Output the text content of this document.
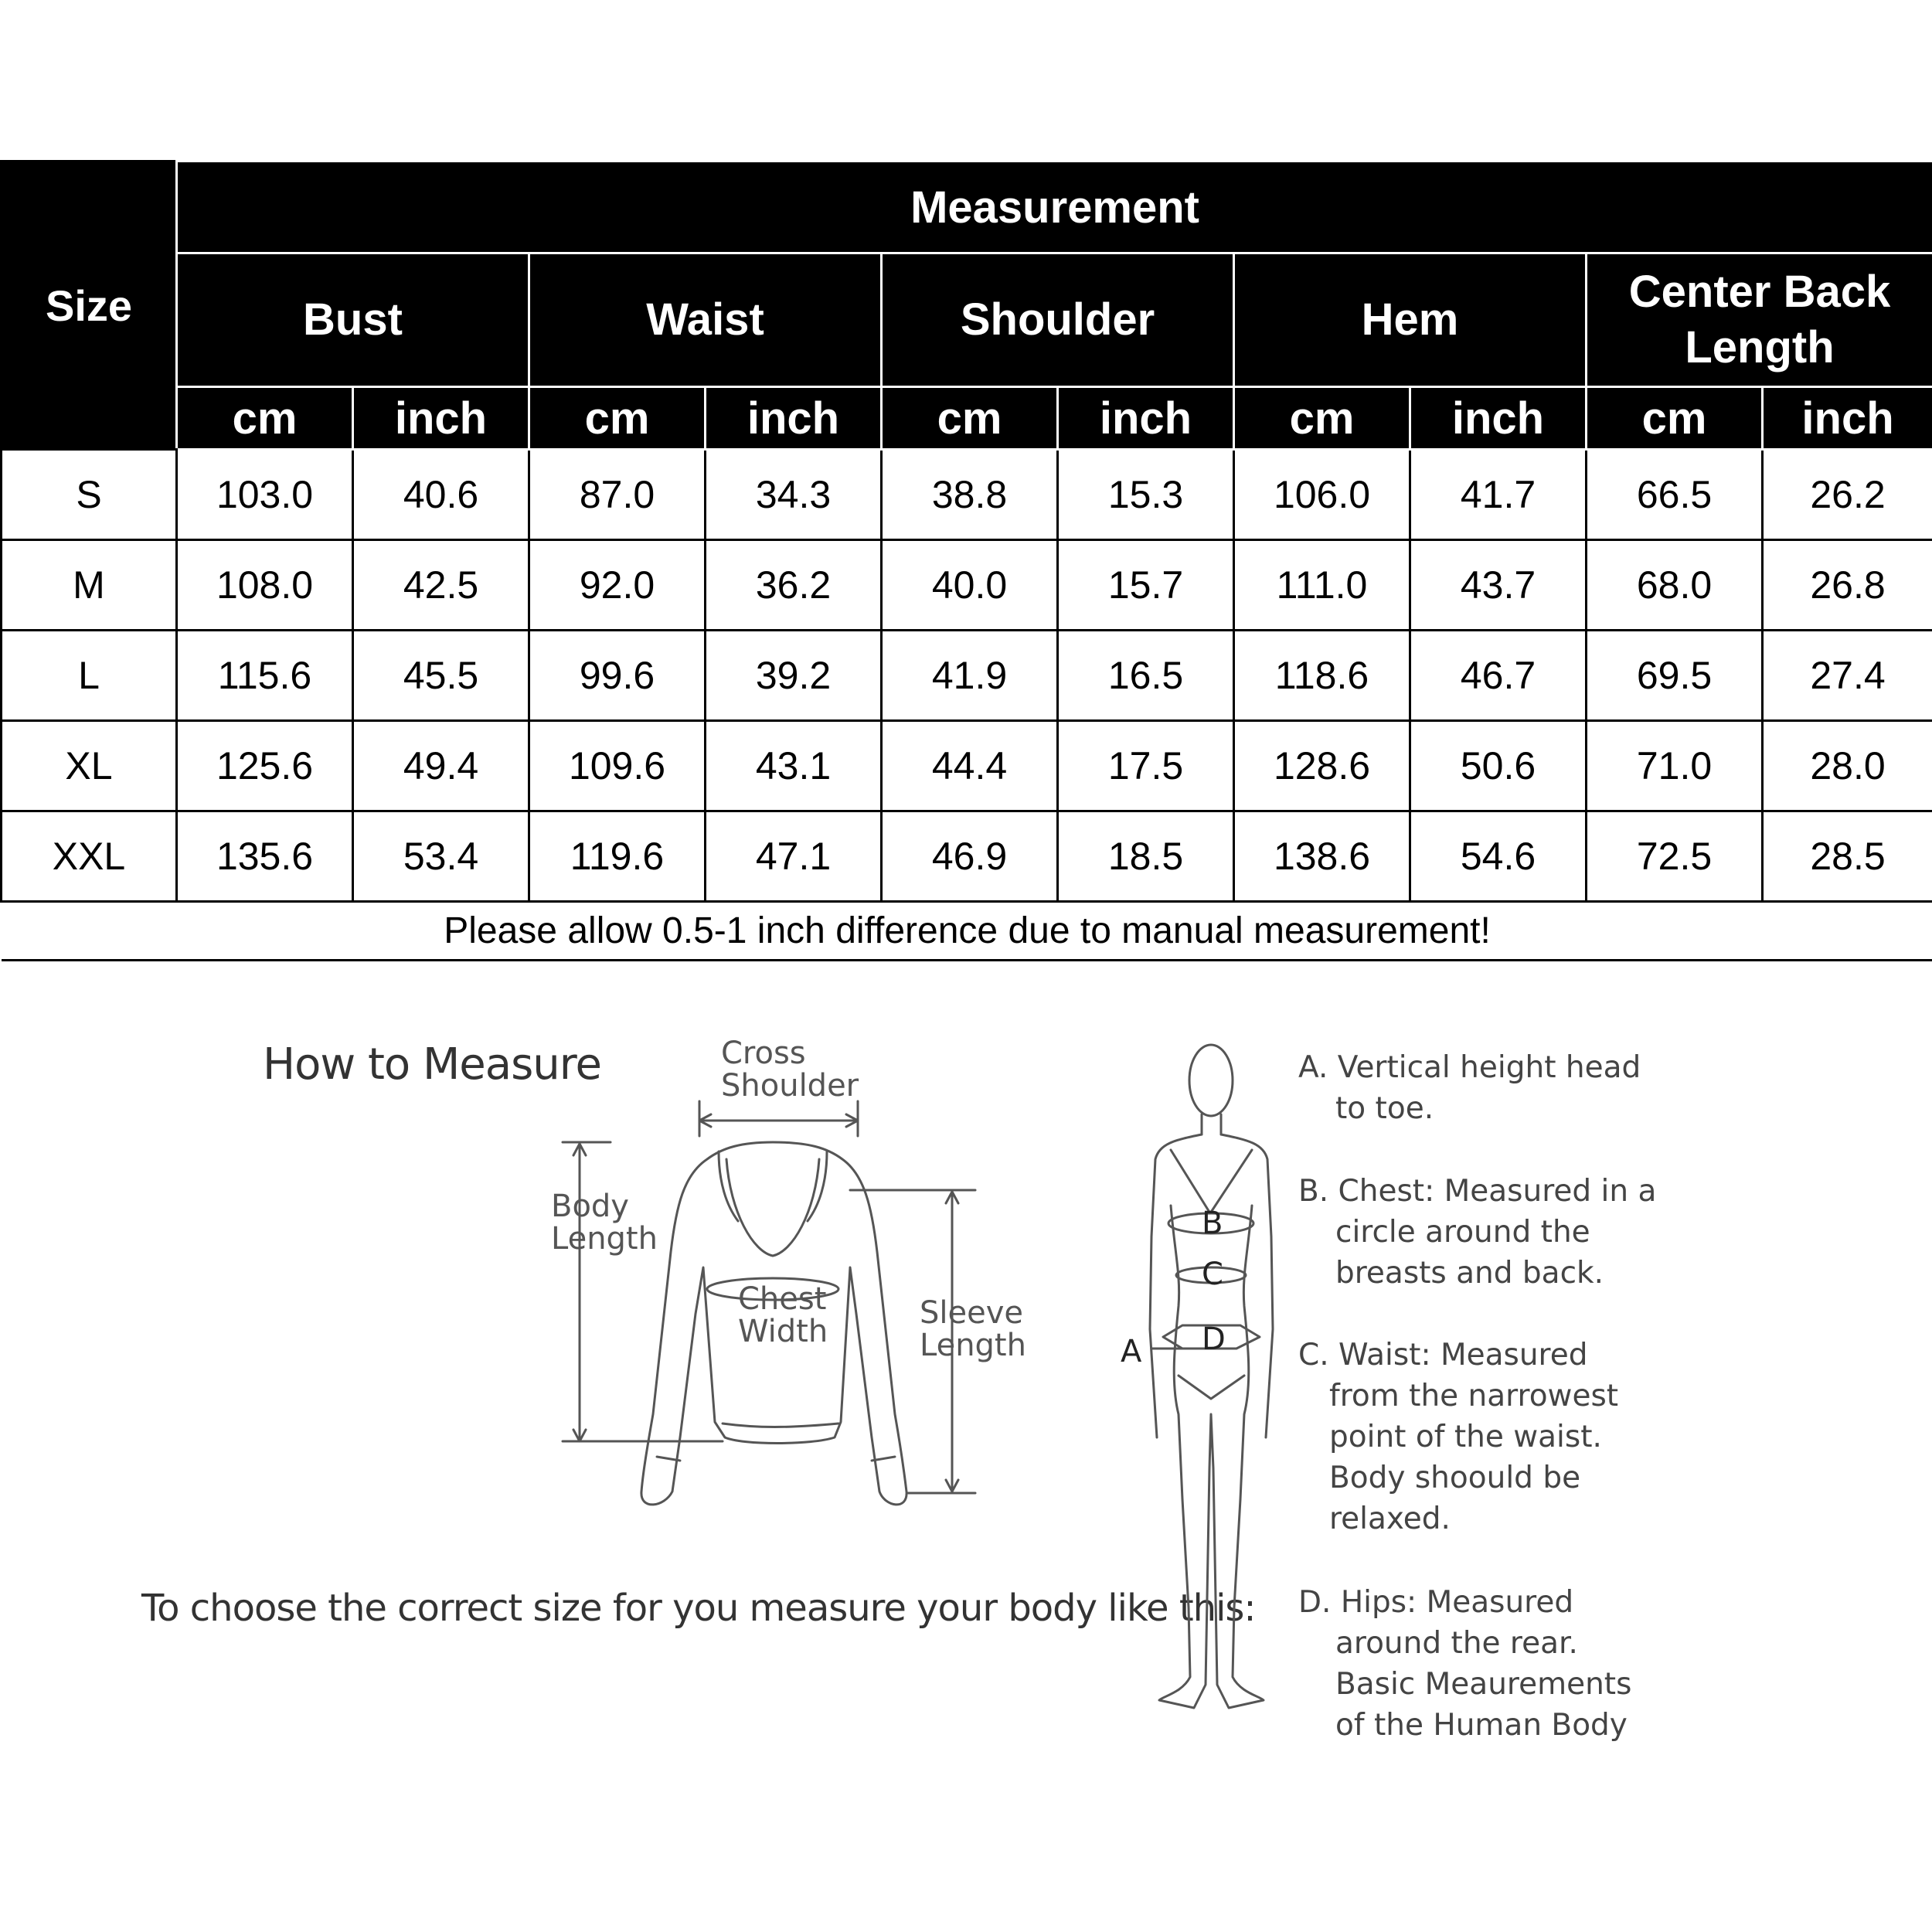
Size	Measurement									
	Bust		Waist		Shoulder		Hem		Center Back Length	
	cm	inch	cm	inch	cm	inch	cm	inch	cm	inch
S	103.0	40.6	87.0	34.3	38.8	15.3	106.0	41.7	66.5	26.2
M	108.0	42.5	92.0	36.2	40.0	15.7	111.0	43.7	68.0	26.8
L	115.6	45.5	99.6	39.2	41.9	16.5	118.6	46.7	69.5	27.4
XL	125.6	49.4	109.6	43.1	44.4	17.5	128.6	50.6	71.0	28.0
XXL	135.6	53.4	119.6	47.1	46.9	18.5	138.6	54.6	72.5	28.5
Please allow 0.5-1 inch difference due to manual measurement!										
How to Measure
To choose the correct size for you measure your body like this:
Cross
Shoulder
Body
Length
Chest
Width
Sleeve
Length	A
B
C
D
A. Vertical height head
to toe.
B. Chest: Measured in a
circle around the
breasts and back.
C. Waist: Measured
from the narrowest
point of the waist.
Body shoould be
relaxed.
D. Hips: Measured
around the rear.
Basic Meaurements
of the Human Body
